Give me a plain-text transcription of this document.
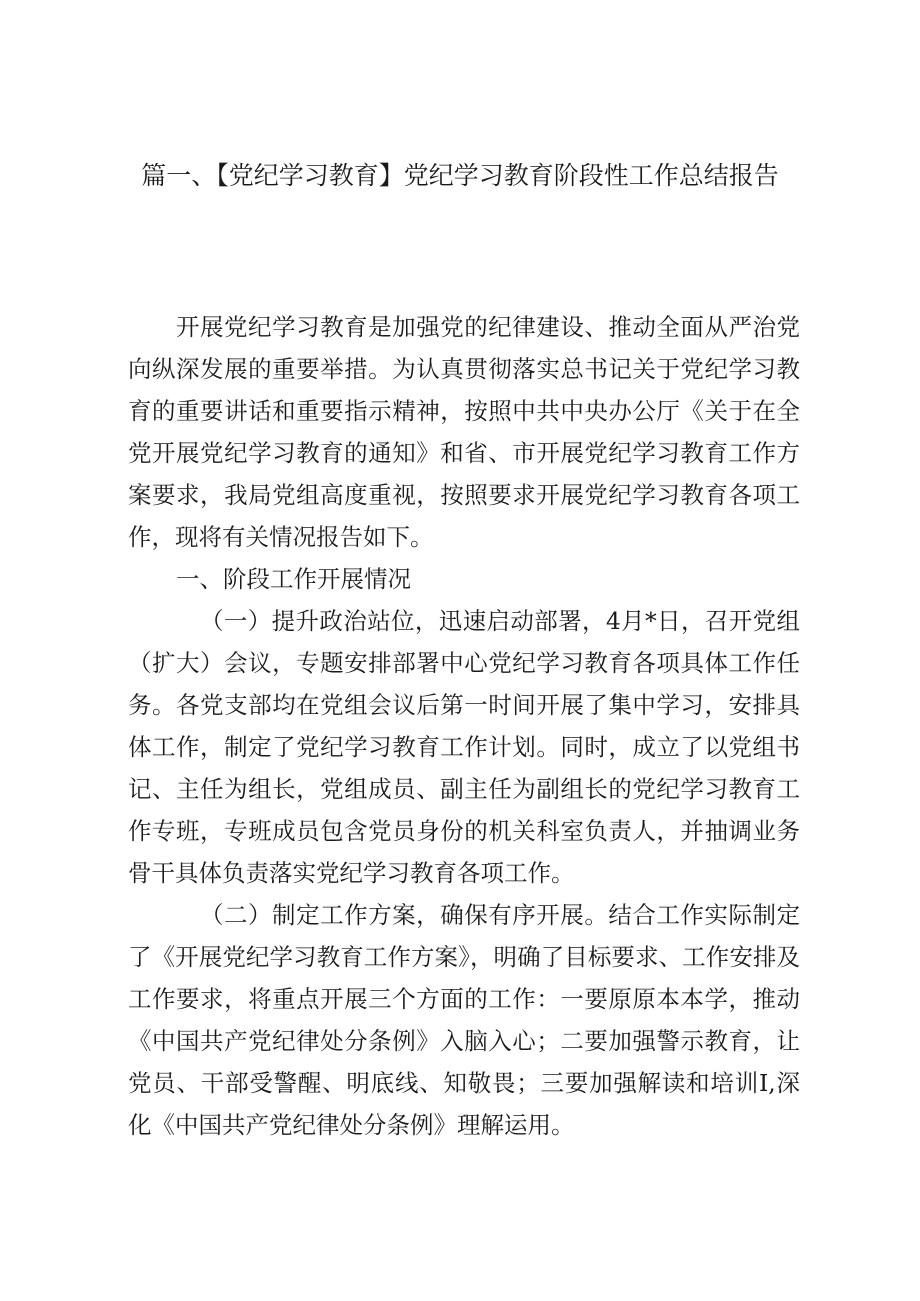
篇一、【党纪学习教育】党纪学习教育阶段性工作总结报告

开展党纪学习教育是加强党的纪律建设、推动全面从严治党向纵深发展的重要举措。为认真贯彻落实总书记关于党纪学习教育的重要讲话和重要指示精神，按照中共中央办公厅《关于在全党开展党纪学习教育的通知》和省、市开展党纪学习教育工作方案要求，我局党组高度重视，按照要求开展党纪学习教育各项工作，现将有关情况报告如下。

一、阶段工作开展情况

（一）提升政治站位，迅速启动部署，4月*日，召开党组（扩大）会议，专题安排部署中心党纪学习教育各项具体工作任务。各党支部均在党组会议后第一时间开展了集中学习，安排具体工作，制定了党纪学习教育工作计划。同时，成立了以党组书记、主任为组长，党组成员、副主任为副组长的党纪学习教育工作专班，专班成员包含党员身份的机关科室负责人，并抽调业务骨干具体负责落实党纪学习教育各项工作。

（二）制定工作方案，确保有序开展。结合工作实际制定了《开展党纪学习教育工作方案》，明确了目标要求、工作安排及工作要求，将重点开展三个方面的工作：一要原原本本学，推动《中国共产党纪律处分条例》入脑入心；二要加强警示教育，让党员、干部受警醒、明底线、知敬畏；三要加强解读和培训I,深化《中国共产党纪律处分条例》理解运用。
